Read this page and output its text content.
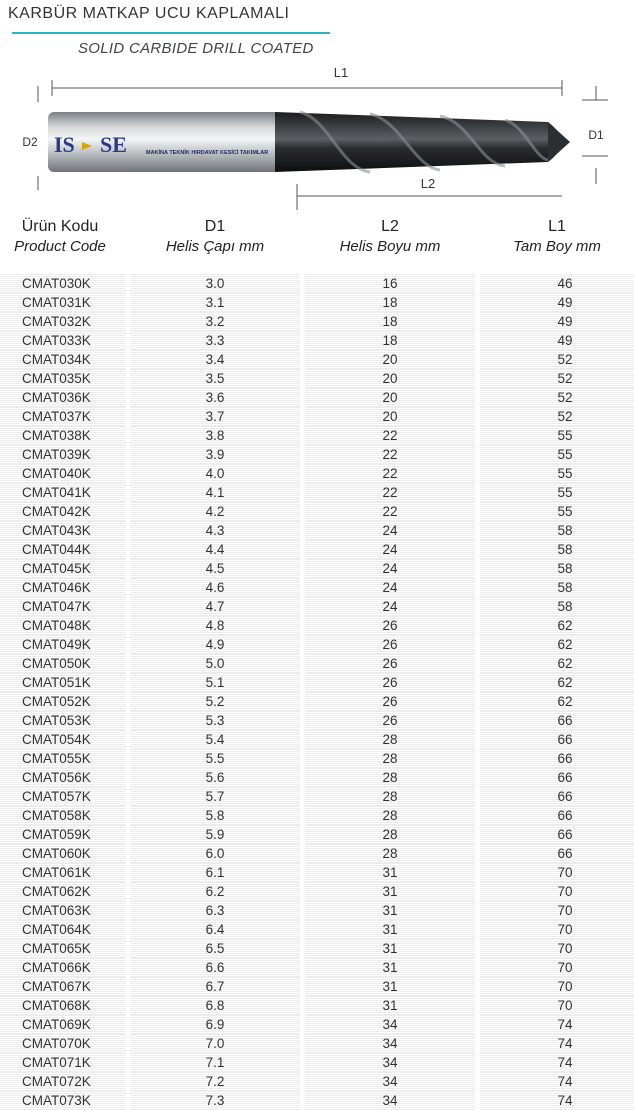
KARBÜR MATKAP UCU KAPLAMALI
SOLID CARBIDE DRILL COATED
L1
D2 IS SE	MAKİNA TEKNİK HIRDAVAT KESİCİ TAKIMLAR
D1
L2
Ürün Kodu
Product Code
D1
Helis Çapı mm
L2
Helis Boyu mm
L1
Tam Boy mm
CMAT030K	3.0	16	46
CMAT031K	3.1	18	49
CMAT032K	3.2	18	49
CMAT033K	3.3	18	49
CMAT034K	3.4	20	52
CMAT035K	3.5	20	52
CMAT036K	3.6	20	52
CMAT037K	3.7	20	52
CMAT038K	3.8	22	55
CMAT039K	3.9	22	55
CMAT040K	4.0	22	55
CMAT041K	4.1	22	55
CMAT042K	4.2	22	55
CMAT043K	4.3	24	58
CMAT044K	4.4	24	58
CMAT045K	4.5	24	58
CMAT046K	4.6	24	58
CMAT047K	4.7	24	58
CMAT048K	4.8	26	62
CMAT049K	4.9	26	62
CMAT050K	5.0	26	62
CMAT051K	5.1	26	62
CMAT052K	5.2	26	62
CMAT053K	5.3	26	66
CMAT054K	5.4	28	66
CMAT055K	5.5	28	66
CMAT056K	5.6	28	66
CMAT057K	5.7	28	66
CMAT058K	5.8	28	66
CMAT059K	5.9	28	66
CMAT060K	6.0	28	66
CMAT061K	6.1	31	70
CMAT062K	6.2	31	70
CMAT063K	6.3	31	70
CMAT064K	6.4	31	70
CMAT065K	6.5	31	70
CMAT066K	6.6	31	70
CMAT067K	6.7	31	70
CMAT068K	6.8	31	70
CMAT069K	6.9	34	74
CMAT070K	7.0	34	74
CMAT071K	7.1	34	74
CMAT072K	7.2	34	74
CMAT073K	7.3	34	74
